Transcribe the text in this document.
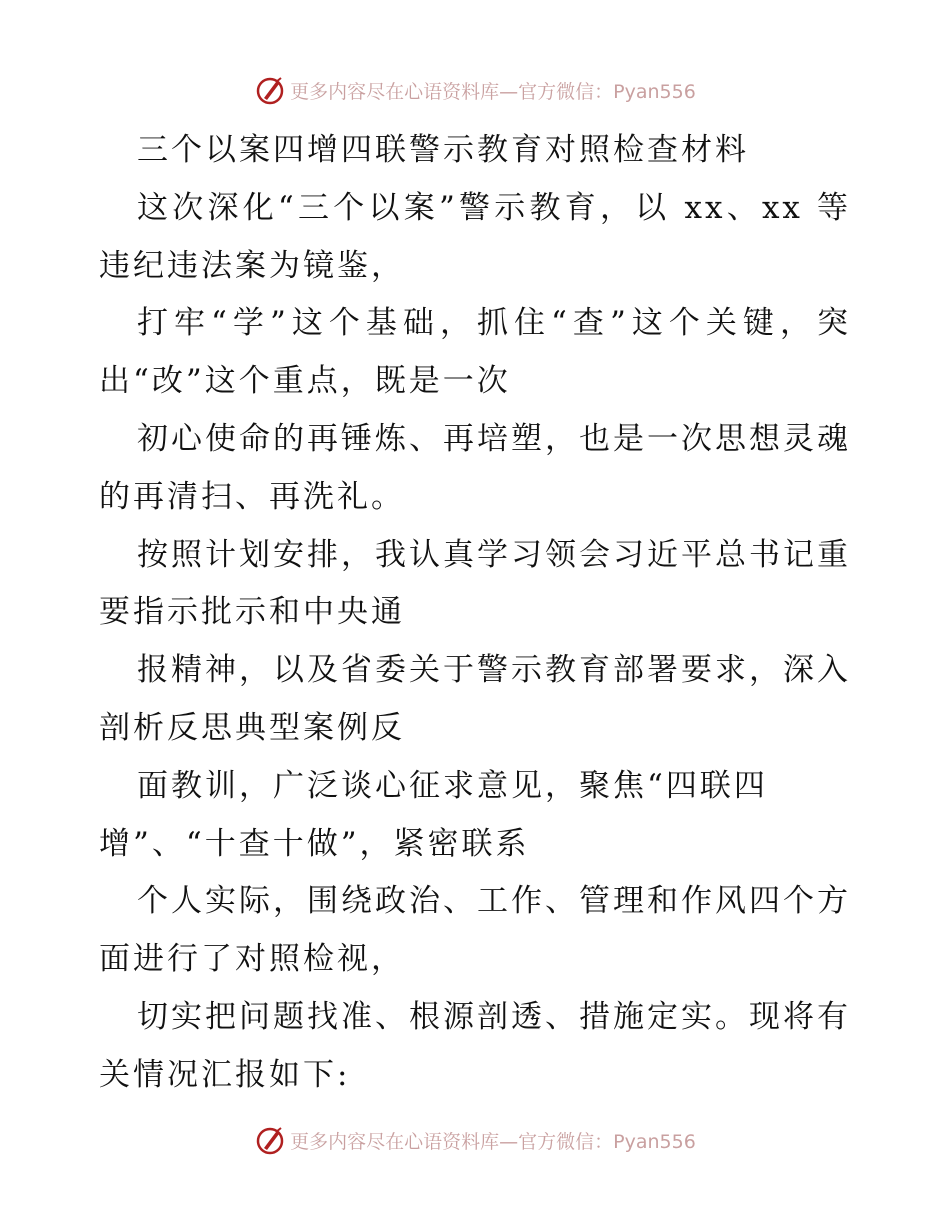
更多内容尽在心语资料库—官方微信：Pyan556
三个以案四增四联警示教育对照检查材料
这次深化“三个以案”警示教育，以 xx、xx 等
违纪违法案为镜鉴，
打牢“学”这个基础，抓住“查”这个关键，突
出“改”这个重点，既是一次
初心使命的再锤炼、再培塑，也是一次思想灵魂
的再清扫、再洗礼。
按照计划安排，我认真学习领会习近平总书记重
要指示批示和中央通
报精神，以及省委关于警示教育部署要求，深入
剖析反思典型案例反
面教训，广泛谈心征求意见，聚焦“四联四
增”、“十查十做”，紧密联系
个人实际，围绕政治、工作、管理和作风四个方
面进行了对照检视，
切实把问题找准、根源剖透、措施定实。现将有
关情况汇报如下:
更多内容尽在心语资料库—官方微信：Pyan556
